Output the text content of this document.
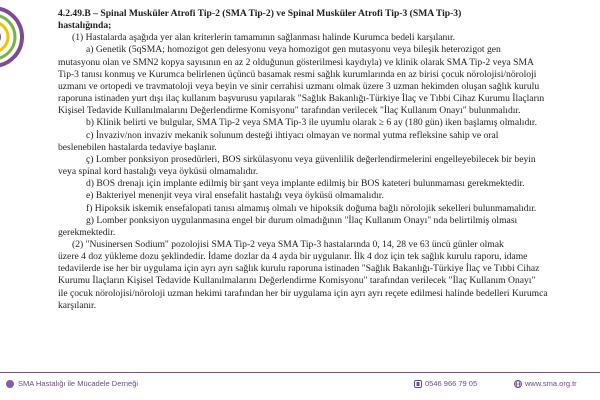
4.2.49.B – Spinal Musküler Atrofi Tip-2 (SMA Tip-2) ve Spinal Musküler Atrofi Tip-3 (SMA Tip-3)

hastalığında;

(1) Hastalarda aşağıda yer alan kriterlerin tamamının sağlanması halinde Kurumca bedeli karşılanır.

a) Genetik (5qSMA; homozigot gen delesyonu veya homozigot gen mutasyonu veya bileşik heterozigot gen

mutasyonu olan ve SMN2 kopya sayısının en az 2 olduğunun gösterilmesi kaydıyla) ve klinik olarak SMA Tip-2 veya SMA

Tip-3 tanısı konmuş ve Kurumca belirlenen üçüncü basamak resmi sağlık kurumlarında en az birisi çocuk nörolojisi/nöroloji

uzmanı ve ortopedi ve travmatoloji veya beyin ve sinir cerrahisi uzmanı olmak üzere 3 uzman hekimden oluşan sağlık kurulu

raporuna istinaden yurt dışı ilaç kullanım başvurusu yapılarak "Sağlık Bakanlığı-Türkiye İlaç ve Tıbbi Cihaz Kurumu İlaçların

Kişisel Tedavide Kullanılmalarını Değerlendirme Komisyonu" tarafından verilecek "İlaç Kullanım Onayı" bulunmalıdır.

b) Klinik belirti ve bulgular, SMA Tip-2 veya SMA Tip-3 ile uyumlu olarak ≥ 6 ay (180 gün) iken başlamış olmalıdır.

c) İnvaziv/non invaziv mekanik solunum desteği ihtiyacı olmayan ve normal yutma refleksine sahip ve oral

beslenebilen hastalarda tedaviye başlanır.

ç) Lomber ponksiyon prosedürleri, BOS sirkülasyonu veya güvenlilik değerlendirmelerini engelleyebilecek bir beyin

veya spinal kord hastalığı veya öyküsü olmamalıdır.

d) BOS drenajı için implante edilmiş bir şant veya implante edilmiş bir BOS kateteri bulunmaması gerekmektedir.

e) Bakteriyel menenjit veya viral ensefalit hastalığı veya öyküsü olmamalıdır.

f) Hipoksik iskemik ensefalopati tanısı almamış olmalı ve hipoksik doğuma bağlı nörolojik sekelleri bulunmamalıdır.

g) Lomber ponksiyon uygulanmasına engel bir durum olmadığının "İlaç Kullanım Onayı" nda belirtilmiş olması

gerekmektedir.

(2) "Nusinersen Sodium" pozolojisi SMA Tip-2 veya SMA Tip-3 hastalarında 0, 14, 28 ve 63 üncü günler olmak

üzere 4 doz yükleme dozu şeklindedir. İdame dozlar da 4 ayda bir uygulanır. İlk 4 doz için tek sağlık kurulu raporu, idame

tedavilerde ise her bir uygulama için ayrı ayrı sağlık kurulu raporuna istinaden "Sağlık Bakanlığı-Türkiye İlaç ve Tıbbi Cihaz

Kurumu İlaçların Kişisel Tedavide Kullanılmalarını Değerlendirme Komisyonu" tarafından verilecek "İlaç Kullanım Onayı"

ile çocuk nörolojisi/nöroloji uzman hekimi tarafından her bir uygulama için ayrı ayrı reçete edilmesi halinde bedelleri Kurumca

karşılanır.

SMA Hastalığı ile Mücadele Derneği	0546 966 79 05	www.sma.org.tr
